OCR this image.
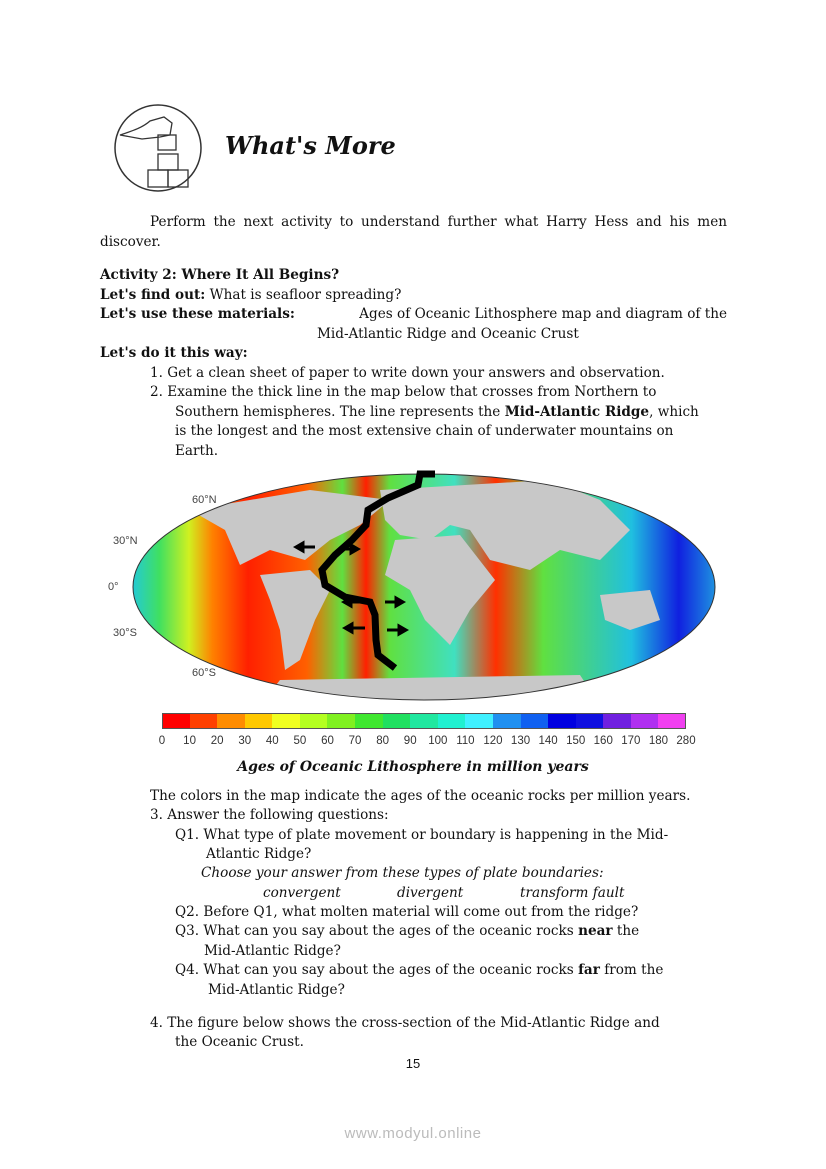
What's More
Perform the next activity to understand further what Harry Hess and his men discover.
Activity 2: Where It All Begins?
Let's find out: What is seafloor spreading?
Let's use these materials:	Ages of Oceanic Lithosphere map and diagram of the
Mid-Atlantic Ridge and Oceanic Crust
Let's do it this way:
1. Get a clean sheet of paper to write down your answers and observation.
2. Examine the thick line in the map below that crosses from Northern to
Southern hemispheres. The line represents the Mid-Atlantic Ridge, which
is the longest and the most extensive chain of underwater mountains on
Earth.
60°N
30°N
0°
30°S
60°S
0 10 20 30 40 50 60 70 80 90 100 110 120 130 140 150 160 170 180 280
Ages of Oceanic Lithosphere in million years
The colors in the map indicate the ages of the oceanic rocks per million years.
3. Answer the following questions:
Q1. What type of plate movement or boundary is happening in the Mid-
Atlantic Ridge?
Choose your answer from these types of plate boundaries:
convergent	divergent	transform fault
Q2. Before Q1, what molten material will come out from the ridge?
Q3. What can you say about the ages of the oceanic rocks near the
Mid-Atlantic Ridge?
Q4. What can you say about the ages of the oceanic rocks far from the
Mid-Atlantic Ridge?
4. The figure below shows the cross-section of the Mid-Atlantic Ridge and
the Oceanic Crust.
15
www.modyul.online
